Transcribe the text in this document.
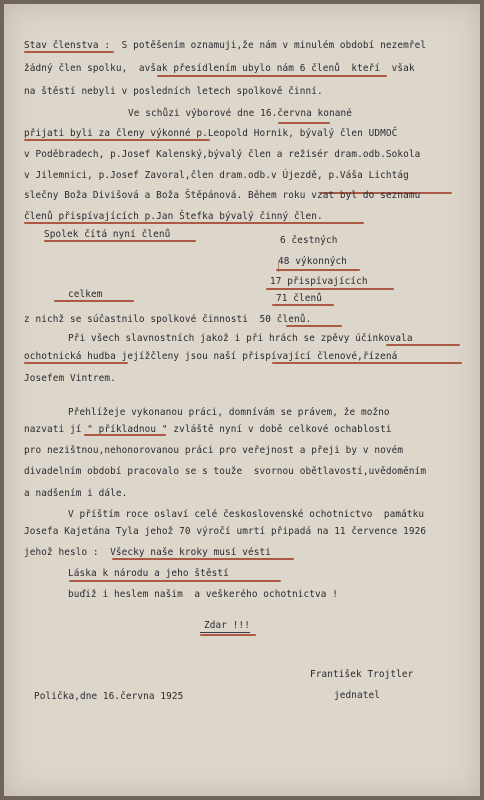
Stav členstva :  S potěšením oznamuji,že nám v minulém období nezemřel
žádný člen spolku,  avšak přesídlením ubylo nám 6 členů  kteří  však
na štěstí nebyli v posledních letech spolkově činní.
Ve schůzi výborové dne 16.června konané
přijati byli za členy výkonné p.Leopold Hornik, bývalý člen UDMOČ
v Poděbradech, p.Josef Kalenský,bývalý člen a režisér dram.odb.Sokola
v Jilemnici, p.Josef Zavoral,člen dram.odb.v Újezdě, p.Váša Lichtág
slečny Boža Divišová a Boža Štěpánová. Během roku vzat byl do seznamu
členů přispívajících p.Jan Štefka bývalý činný člen.
Spolek čítá nyní členů
6 čestných
48 výkonných
17 přispívajících
celkem	71 členů
z nichž se súčastnilo spolkové činnosti  50 členů.
Při všech slavnostních jakož i při hrách se zpěvy účinkovala
ochotnická hudba jejížčleny jsou naší přispívající členové,řízená
Josefem Vintrem.
Přehlížeje vykonanou práci, domnívám se právem, že možno
nazvati jí " příkladnou " zvláště nyní v době celkové ochablosti
pro nezištnou,nehonorovanou práci pro veřejnost a přeji by v novém
divadelním období pracovalo se s touže  svornou obětlavostí,uvědoměním
a nadšením i dále.
V příštím roce oslaví celé československé ochotnictvo  památku
Josefa Kajetána Tyla jehož 70 výročí umrtí připadá na 11 července 1926
jehož heslo :  Všecky naše kroky musí vésti
Láska k národu a jeho štěstí
buďiž i heslem našim  a veškerého ochotnictva !
Zdar !!!
František Trojtler
jednatel
Polička,dne 16.června 1925
